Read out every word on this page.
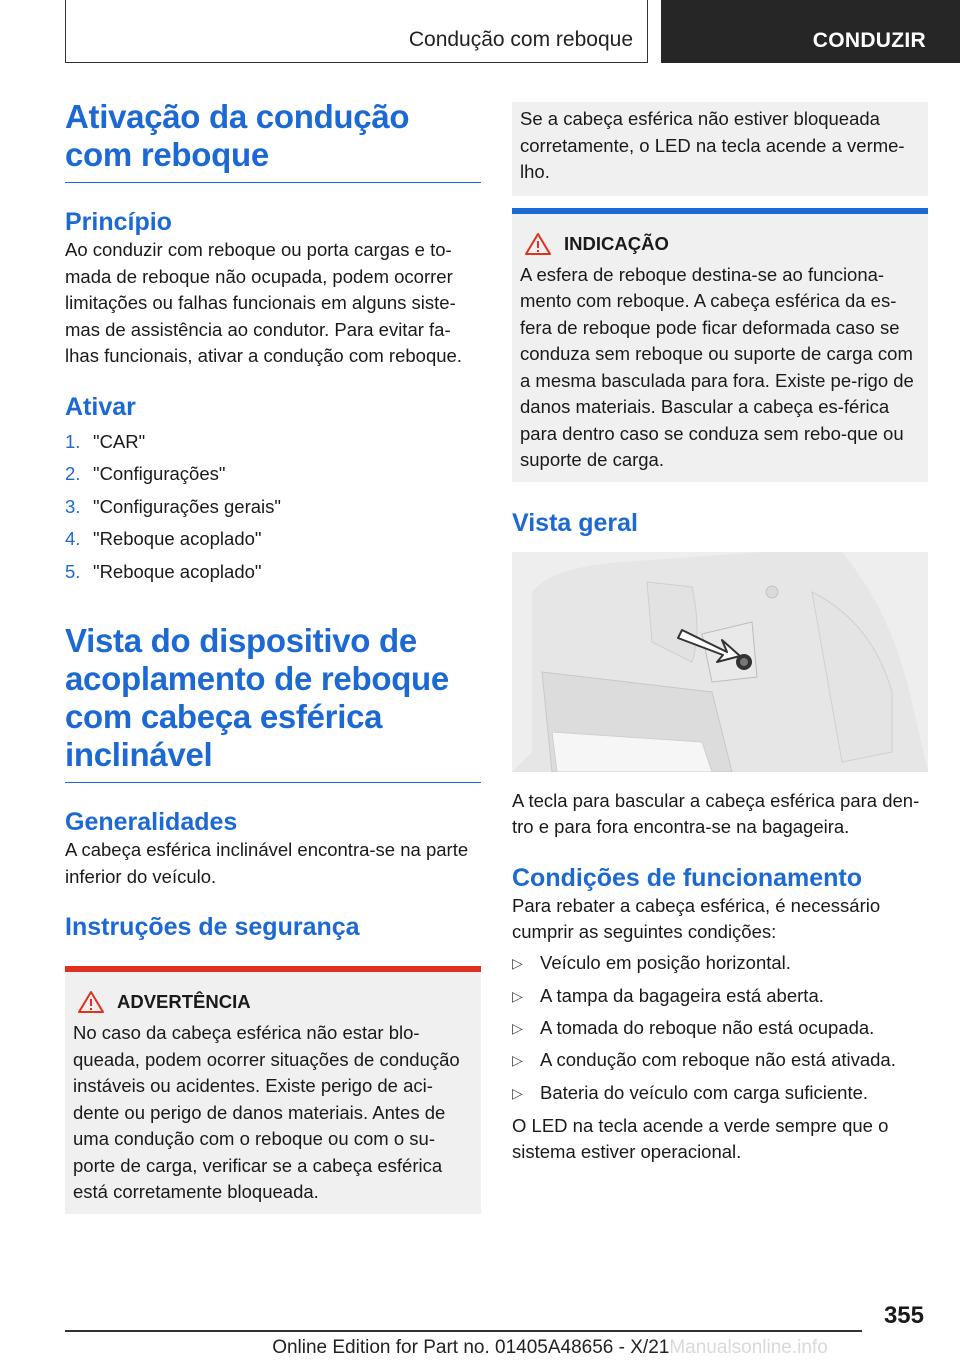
Condução com reboque	CONDUZIR
Ativação da condução com reboque
Princípio

Ao conduzir com reboque ou porta cargas e to-mada de reboque não ocupada, podem ocorrer limitações ou falhas funcionais em alguns siste-mas de assistência ao condutor. Para evitar fa-lhas funcionais, ativar a condução com reboque.

Ativar
1. "CAR"
2. "Configurações"
3. "Configurações gerais"
4. "Reboque acoplado"
5. "Reboque acoplado"
Vista do dispositivo de acoplamento de reboque com cabeça esférica inclinável
Generalidades

A cabeça esférica inclinável encontra-se na parte inferior do veículo.

Instruções de segurança
ADVERTÊNCIA

No caso da cabeça esférica não estar blo-queada, podem ocorrer situações de condução instáveis ou acidentes. Existe perigo de aci-dente ou perigo de danos materiais. Antes de uma condução com o reboque ou com o su-porte de carga, verificar se a cabeça esférica está corretamente bloqueada.

Se a cabeça esférica não estiver bloqueada corretamente, o LED na tecla acende a verme-lho.

INDICAÇÃO

A esfera de reboque destina-se ao funciona-mento com reboque. A cabeça esférica da es-fera de reboque pode ficar deformada caso se conduza sem reboque ou suporte de carga com a mesma basculada para fora. Existe pe-rigo de danos materiais. Bascular a cabeça es-férica para dentro caso se conduza sem rebo-que ou suporte de carga.

Vista geral

A tecla para bascular a cabeça esférica para den-tro e para fora encontra-se na bagageira.

Condições de funcionamento

Para rebater a cabeça esférica, é necessário cumprir as seguintes condições:

▷ Veículo em posição horizontal.
▷ A tampa da bagageira está aberta.
▷ A tomada do reboque não está ocupada.
▷ A condução com reboque não está ativada.
▷ Bateria do veículo com carga suficiente.

O LED na tecla acende a verde sempre que o sistema estiver operacional.

355
Online Edition for Part no. 01405A48656 - X/21Manualsonline.info
